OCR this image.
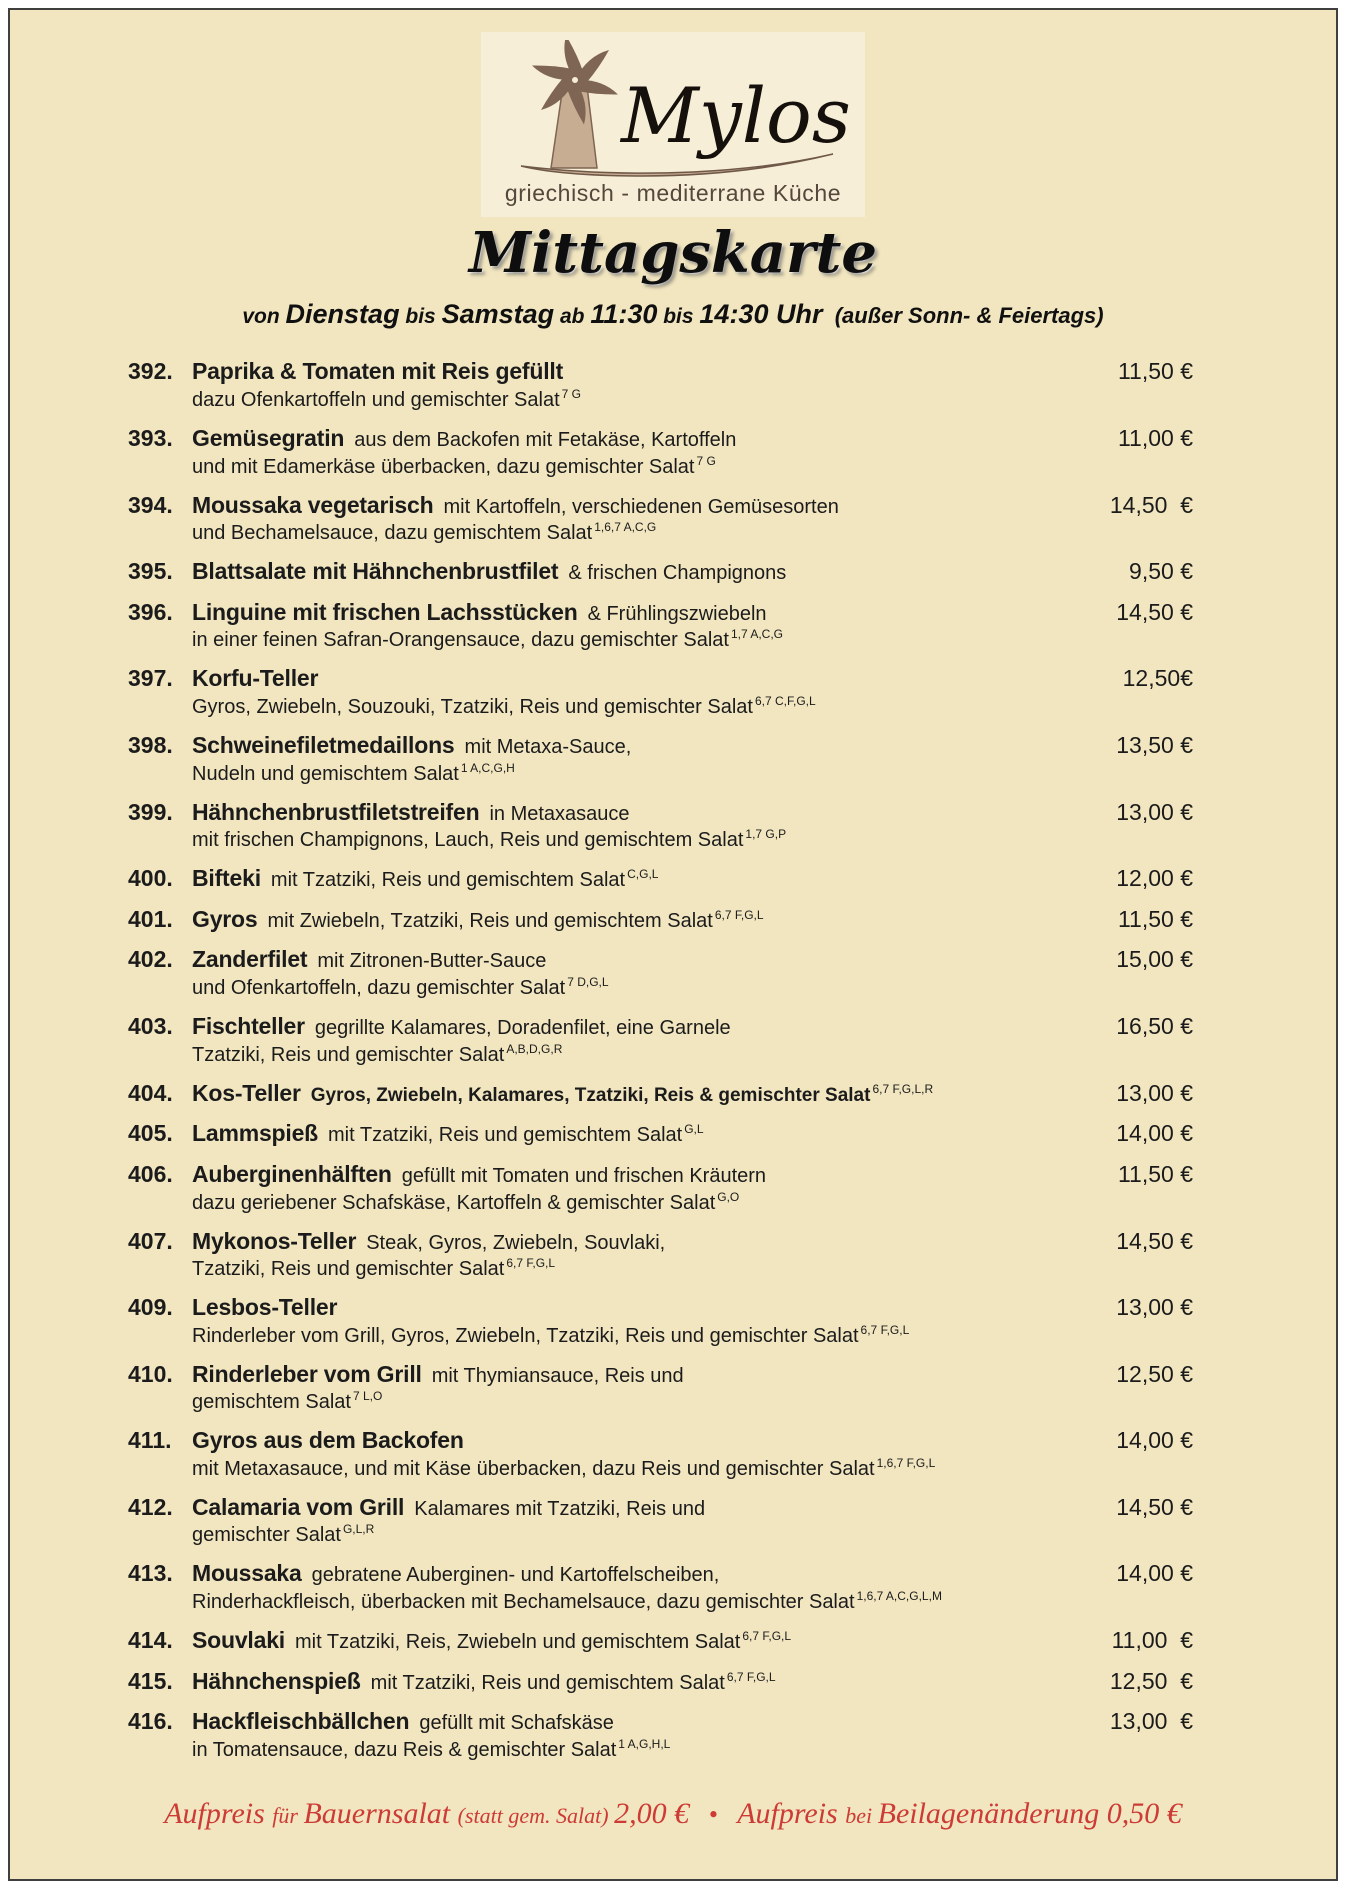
Mylos
griechisch - mediterrane Küche
Mittagskarte
von Dienstag bis Samstag ab 11:30 bis 14:30 Uhr  (außer Sonn- & Feiertags)
392. Paprika & Tomaten mit Reis gefüllt	11,50 €
dazu Ofenkartoffeln und gemischter Salat $^{7 G}$
393. Gemüsegratin aus dem Backofen mit Fetakäse, Kartoffeln	11,00 €
und mit Edamerkäse überbacken, dazu gemischter Salat $^{7 G}$
394. Moussaka vegetarisch mit Kartoffeln, verschiedenen Gemüsesorten	14,50  €
und Bechamelsauce, dazu gemischtem Salat $^{1,6,7 A,C,G}$
395. Blattsalate mit Hähnchenbrustfilet & frischen Champignons	9,50 €
396. Linguine mit frischen Lachsstücken & Frühlingszwiebeln	14,50 €
in einer feinen Safran-Orangensauce, dazu gemischter Salat $^{1,7 A,C,G}$
397. Korfu-Teller	12,50€
Gyros, Zwiebeln, Souzouki, Tzatziki, Reis und gemischter Salat $^{6,7 C,F,G,L}$
398. Schweinefiletmedaillons mit Metaxa-Sauce,	13,50 €
Nudeln und gemischtem Salat $^{1 A,C,G,H}$
399. Hähnchenbrustfiletstreifen in Metaxasauce	13,00 €
mit frischen Champignons, Lauch, Reis und gemischtem Salat $^{1,7 G,P}$
400. Bifteki mit Tzatziki, Reis und gemischtem Salat $^{C,G,L}$	12,00 €
401. Gyros mit Zwiebeln, Tzatziki, Reis und gemischtem Salat $^{6,7 F,G,L}$	11,50 €
402. Zanderfilet mit Zitronen-Butter-Sauce	15,00 €
und Ofenkartoffeln, dazu gemischter Salat $^{7 D,G,L}$
403. Fischteller gegrillte Kalamares, Doradenfilet, eine Garnele	16,50 €
Tzatziki, Reis und gemischter Salat $^{A,B,D,G,R}$
404. Kos-Teller Gyros, Zwiebeln, Kalamares, Tzatziki, Reis & gemischter Salat $^{6,7 F,G,L,R}$	13,00 €
405. Lammspieß mit Tzatziki, Reis und gemischtem Salat $^{G,L}$	14,00 €
406. Auberginenhälften gefüllt mit Tomaten und frischen Kräutern	11,50 €
dazu geriebener Schafskäse, Kartoffeln & gemischter Salat $^{G,O}$
407. Mykonos-Teller Steak, Gyros, Zwiebeln, Souvlaki,	14,50 €
Tzatziki, Reis und gemischter Salat $^{6,7 F,G,L}$
409. Lesbos-Teller	13,00 €
Rinderleber vom Grill, Gyros, Zwiebeln, Tzatziki, Reis und gemischter Salat $^{6,7 F,G,L}$
410. Rinderleber vom Grill mit Thymiansauce, Reis und	12,50 €
gemischtem Salat $^{7 L,O}$
411. Gyros aus dem Backofen	14,00 €
mit Metaxasauce, und mit Käse überbacken, dazu Reis und gemischter Salat $^{1,6,7 F,G,L}$
412. Calamaria vom Grill Kalamares mit Tzatziki, Reis und	14,50 €
gemischter Salat $^{G,L,R}$
413. Moussaka gebratene Auberginen- und Kartoffelscheiben,	14,00 €
Rinderhackfleisch, überbacken mit Bechamelsauce, dazu gemischter Salat $^{1,6,7 A,C,G,L,M}$
414. Souvlaki mit Tzatziki, Reis, Zwiebeln und gemischtem Salat $^{6,7 F,G,L}$	11,00  €
415. Hähnchenspieß mit Tzatziki, Reis und gemischtem Salat $^{6,7 F,G,L}$	12,50  €
416. Hackfleischbällchen gefüllt mit Schafskäse	13,00  €
in Tomatensauce, dazu Reis & gemischter Salat $^{1 A,G,H,L}$
Aufpreis für Bauernsalat (statt gem. Salat) 2,00 €   •   Aufpreis bei Beilagenänderung 0,50 €
